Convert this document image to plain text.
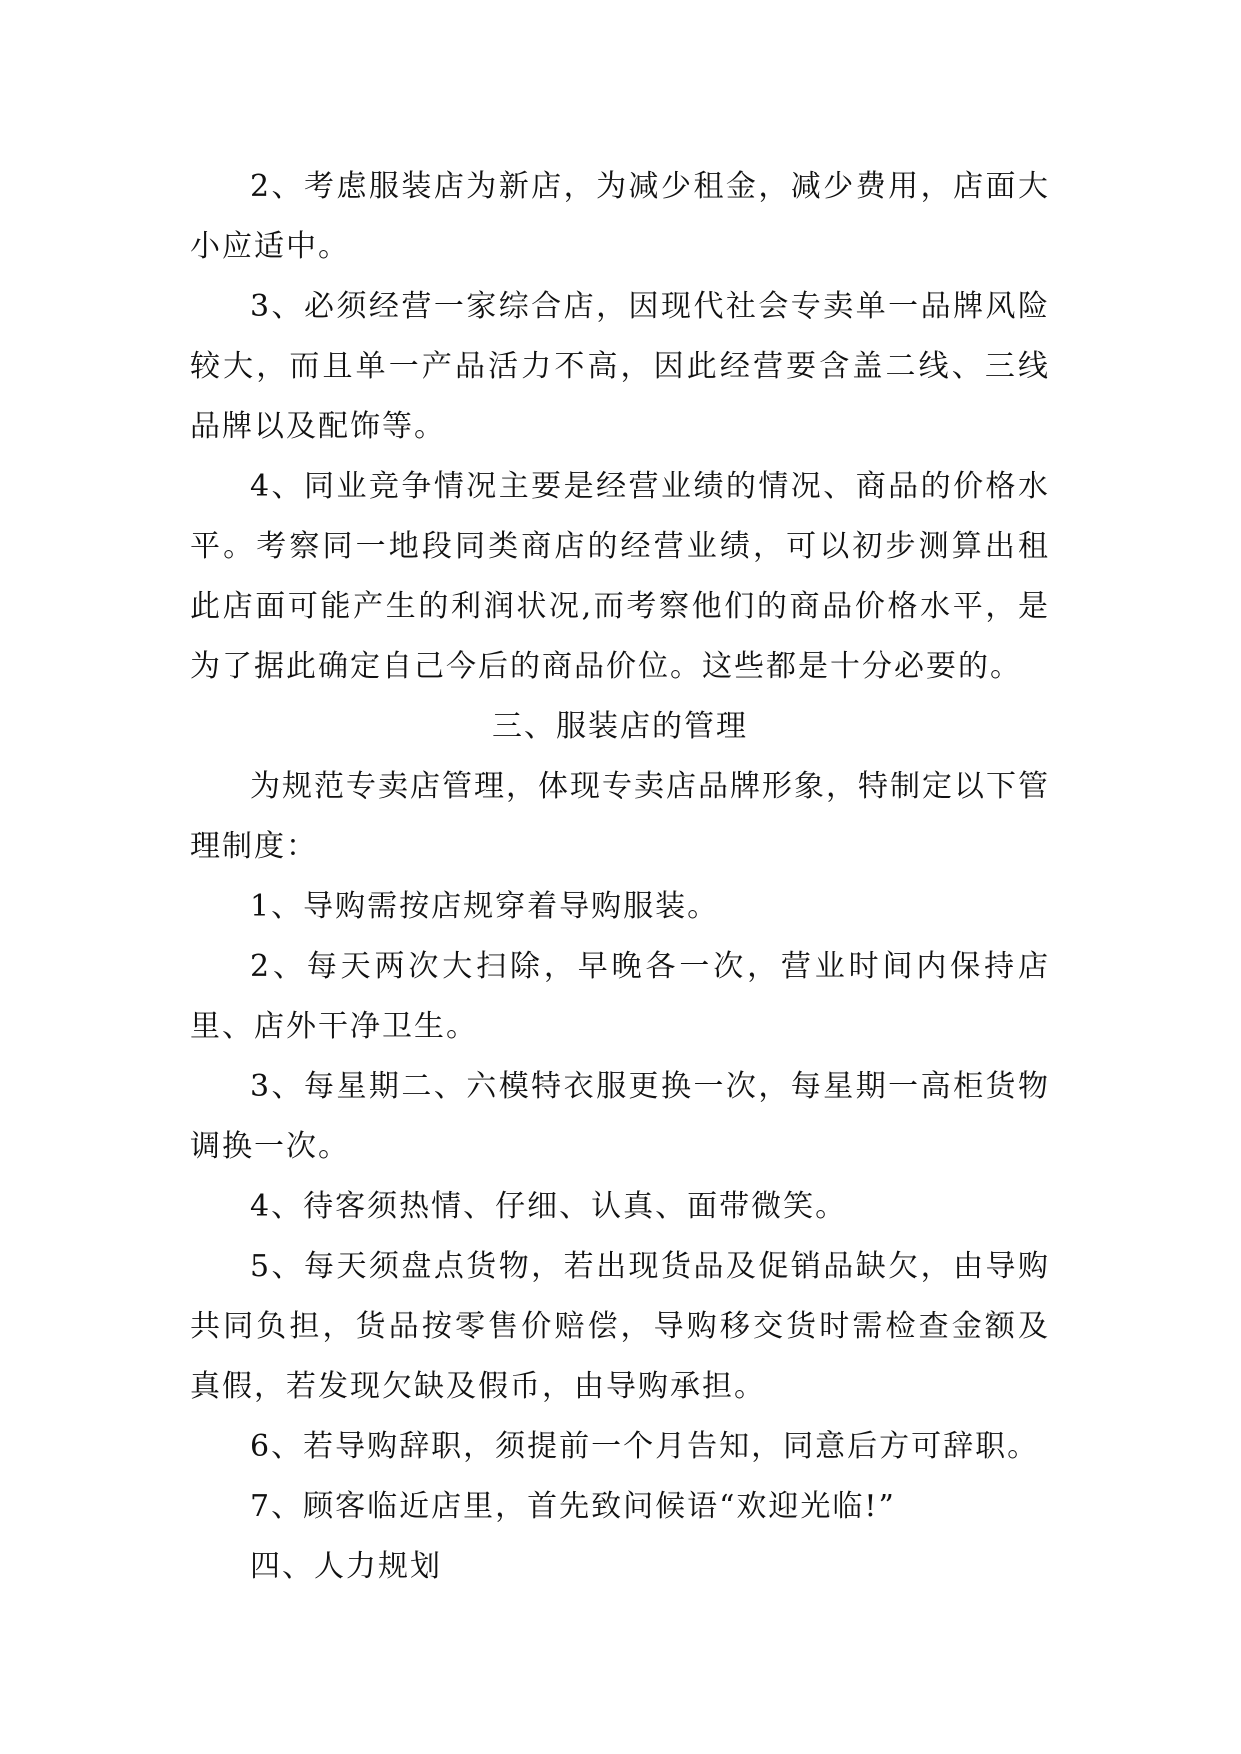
2、考虑服装店为新店，为减少租金，减少费用，店面大小应适中。

3、必须经营一家综合店，因现代社会专卖单一品牌风险较大，而且单一产品活力不高，因此经营要含盖二线、三线品牌以及配饰等。

4、同业竞争情况主要是经营业绩的情况、商品的价格水平。考察同一地段同类商店的经营业绩，可以初步测算出租此店面可能产生的利润状况,而考察他们的商品价格水平，是为了据此确定自己今后的商品价位。这些都是十分必要的。

三、服装店的管理

为规范专卖店管理，体现专卖店品牌形象，特制定以下管理制度：

1、导购需按店规穿着导购服装。

2、每天两次大扫除，早晚各一次，营业时间内保持店里、店外干净卫生。

3、每星期二、六模特衣服更换一次，每星期一高柜货物调换一次。

4、待客须热情、仔细、认真、面带微笑。

5、每天须盘点货物，若出现货品及促销品缺欠，由导购共同负担，货品按零售价赔偿，导购移交货时需检查金额及真假，若发现欠缺及假币，由导购承担。

6、若导购辞职，须提前一个月告知，同意后方可辞职。

7、顾客临近店里，首先致问候语“欢迎光临!”

四、人力规划
